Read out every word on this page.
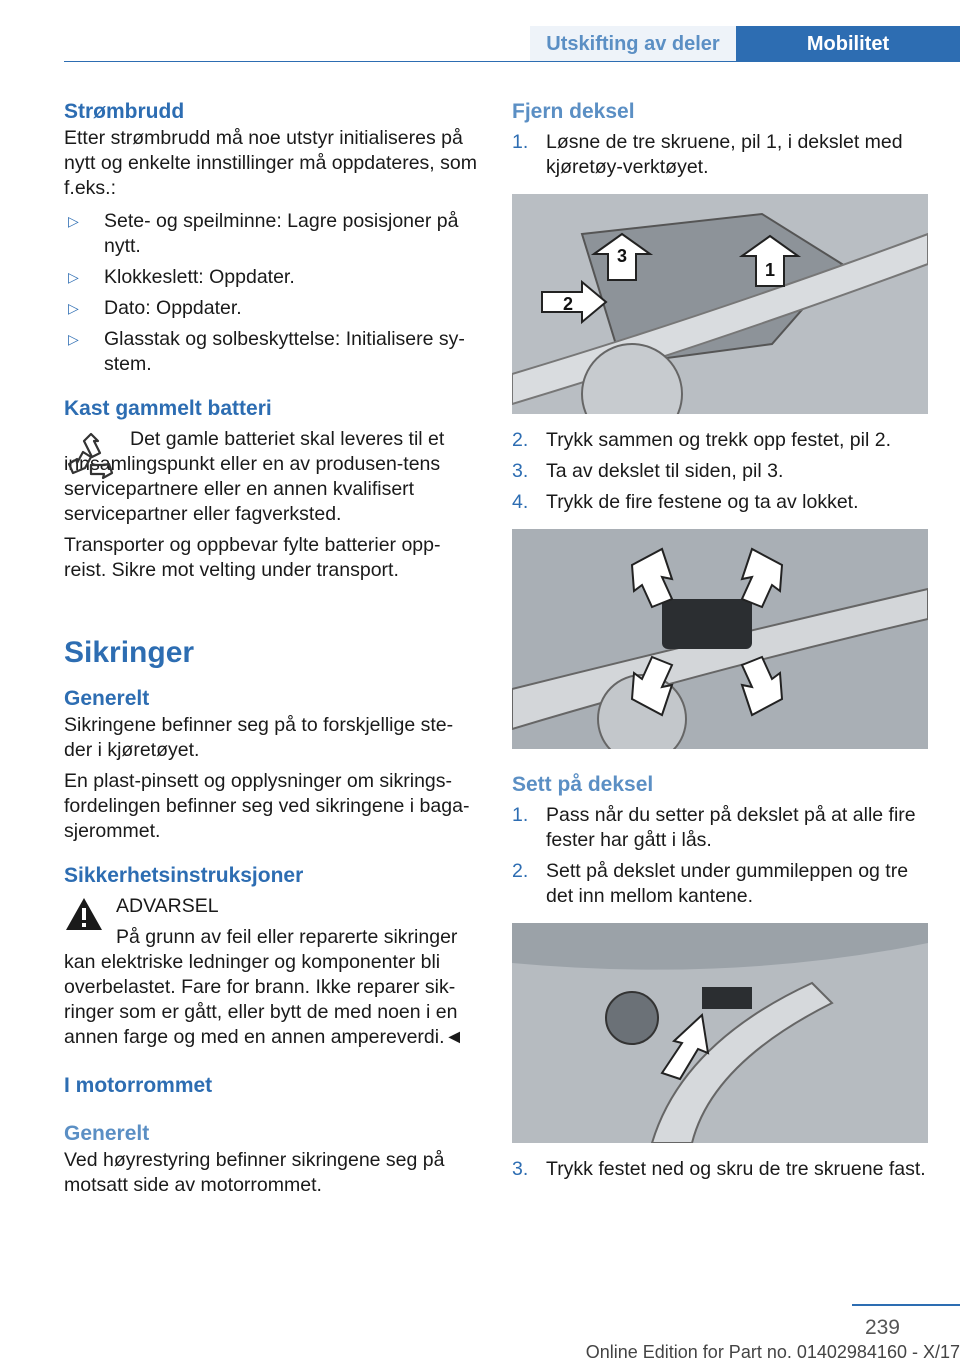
Utskifting av deler	Mobilitet
Strømbrudd

Etter strømbrudd må noe utstyr initialiseres på nytt og enkelte innstillinger må oppdateres, som f.eks.:

▷	Sete- og speilminne: Lagre posisjoner på nytt.
▷	Klokkeslett: Oppdater.
▷	Dato: Oppdater.
▷	Glasstak og solbeskyttelse: Initialisere sy-stem.
Kast gammelt batteri

Det gamle batteriet skal leveres til et innsamlingspunkt eller en av produsen-tens servicepartnere eller en annen kvalifisert servicepartner eller fagverksted.

Transporter og oppbevar fylte batterier opp-reist. Sikre mot velting under transport.

Sikringer
Generelt

Sikringene befinner seg på to forskjellige ste-der i kjøretøyet.

En plast-pinsett og opplysninger om sikrings-fordelingen befinner seg ved sikringene i baga-sjerommet.

Sikkerhetsinstruksjoner

ADVARSEL

På grunn av feil eller reparerte sikringer kan elektriske ledninger og komponenter bli overbelastet. Fare for brann. Ikke reparer sik-ringer som er gått, eller bytt de med noen i en annen farge og med en annen ampereverdi.◄

I motorrommet
Generelt

Ved høyrestyring befinner sikringene seg på motsatt side av motorrommet.

Fjern deksel
1. Løsne de tre skruene, pil 1, i dekslet med kjøretøy-verktøyet.
1
2
3
2. Trykk sammen og trekk opp festet, pil 2.
3. Ta av dekslet til siden, pil 3.
4. Trykk de fire festene og ta av lokket.
Sett på deksel
1. Pass når du setter på dekslet på at alle fire fester har gått i lås.
2. Sett på dekslet under gummileppen og tre det inn mellom kantene.
3. Trykk festet ned og skru de tre skruene fast.
239
Online Edition for Part no. 01402984160 - X/17
